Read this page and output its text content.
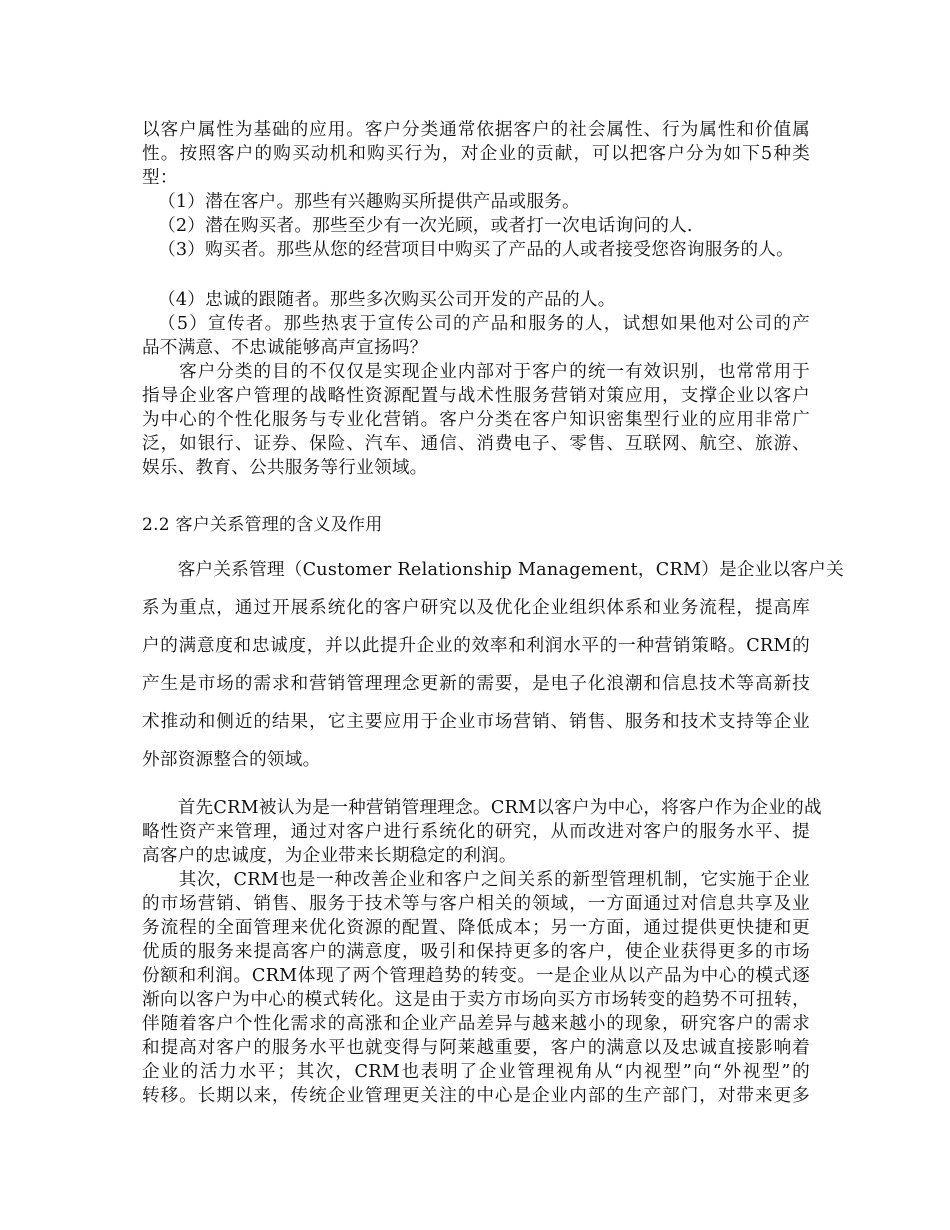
以客户属性为基础的应用。客户分类通常依据客户的社会属性、行为属性和价值属
性。按照客户的购买动机和购买行为，对企业的贡献，可以把客户分为如下5种类
型：
（1）潜在客户。那些有兴趣购买所提供产品或服务。
（2）潜在购买者。那些至少有一次光顾，或者打一次电话询问的人.
（3）购买者。那些从您的经营项目中购买了产品的人或者接受您咨询服务的人。
（4）忠诚的跟随者。那些多次购买公司开发的产品的人。
（5）宣传者。那些热衷于宣传公司的产品和服务的人，试想如果他对公司的产
品不满意、不忠诚能够高声宣扬吗？
　　客户分类的目的不仅仅是实现企业内部对于客户的统一有效识别，也常常用于
指导企业客户管理的战略性资源配置与战术性服务营销对策应用，支撑企业以客户
为中心的个性化服务与专业化营销。客户分类在客户知识密集型行业的应用非常广
泛，如银行、证券、保险、汽车、通信、消费电子、零售、互联网、航空、旅游、
娱乐、教育、公共服务等行业领域。
2.2 客户关系管理的含义及作用
　　客户关系管理（Customer Relationship Management，CRM）是企业以客户关
系为重点，通过开展系统化的客户研究以及优化企业组织体系和业务流程，提高库
户的满意度和忠诚度，并以此提升企业的效率和利润水平的一种营销策略。CRM的
产生是市场的需求和营销管理理念更新的需要，是电子化浪潮和信息技术等高新技
术推动和侧近的结果，它主要应用于企业市场营销、销售、服务和技术支持等企业
外部资源整合的领域。
　　首先CRM被认为是一种营销管理理念。CRM以客户为中心，将客户作为企业的战
略性资产来管理，通过对客户进行系统化的研究，从而改进对客户的服务水平、提
高客户的忠诚度，为企业带来长期稳定的利润。
　　其次，CRM也是一种改善企业和客户之间关系的新型管理机制，它实施于企业
的市场营销、销售、服务于技术等与客户相关的领域，一方面通过对信息共享及业
务流程的全面管理来优化资源的配置、降低成本；另一方面，通过提供更快捷和更
优质的服务来提高客户的满意度，吸引和保持更多的客户，使企业获得更多的市场
份额和利润。CRM体现了两个管理趋势的转变。一是企业从以产品为中心的模式逐
渐向以客户为中心的模式转化。这是由于卖方市场向买方市场转变的趋势不可扭转，
伴随着客户个性化需求的高涨和企业产品差异与越来越小的现象，研究客户的需求
和提高对客户的服务水平也就变得与阿莱越重要，客户的满意以及忠诚直接影响着
企业的活力水平；其次，CRM也表明了企业管理视角从“内视型”向“外视型”的
转移。长期以来，传统企业管理更关注的中心是企业内部的生产部门，对带来更多
